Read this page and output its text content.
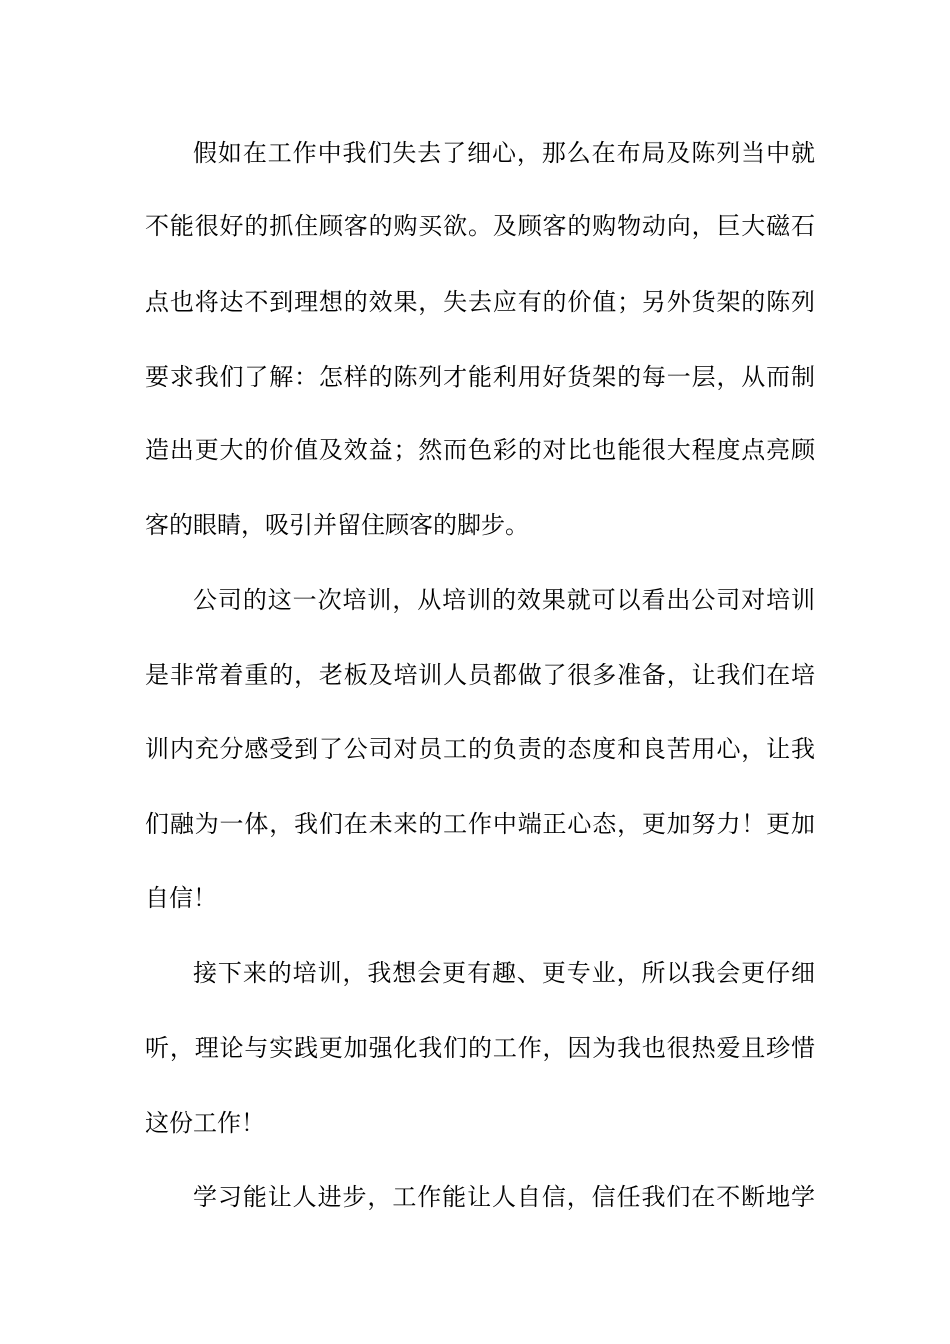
假如在工作中我们失去了细心，那么在布局及陈列当中就
不能很好的抓住顾客的购买欲。及顾客的购物动向，巨大磁石
点也将达不到理想的效果，失去应有的价值；另外货架的陈列
要求我们了解：怎样的陈列才能利用好货架的每一层，从而制
造出更大的价值及效益；然而色彩的对比也能很大程度点亮顾
客的眼睛，吸引并留住顾客的脚步。
公司的这一次培训，从培训的效果就可以看出公司对培训
是非常着重的，老板及培训人员都做了很多准备，让我们在培
训内充分感受到了公司对员工的负责的态度和良苦用心，让我
们融为一体，我们在未来的工作中端正心态，更加努力！更加
自信！
接下来的培训，我想会更有趣、更专业，所以我会更仔细
听，理论与实践更加强化我们的工作，因为我也很热爱且珍惜
这份工作！
学习能让人进步，工作能让人自信，信任我们在不断地学
